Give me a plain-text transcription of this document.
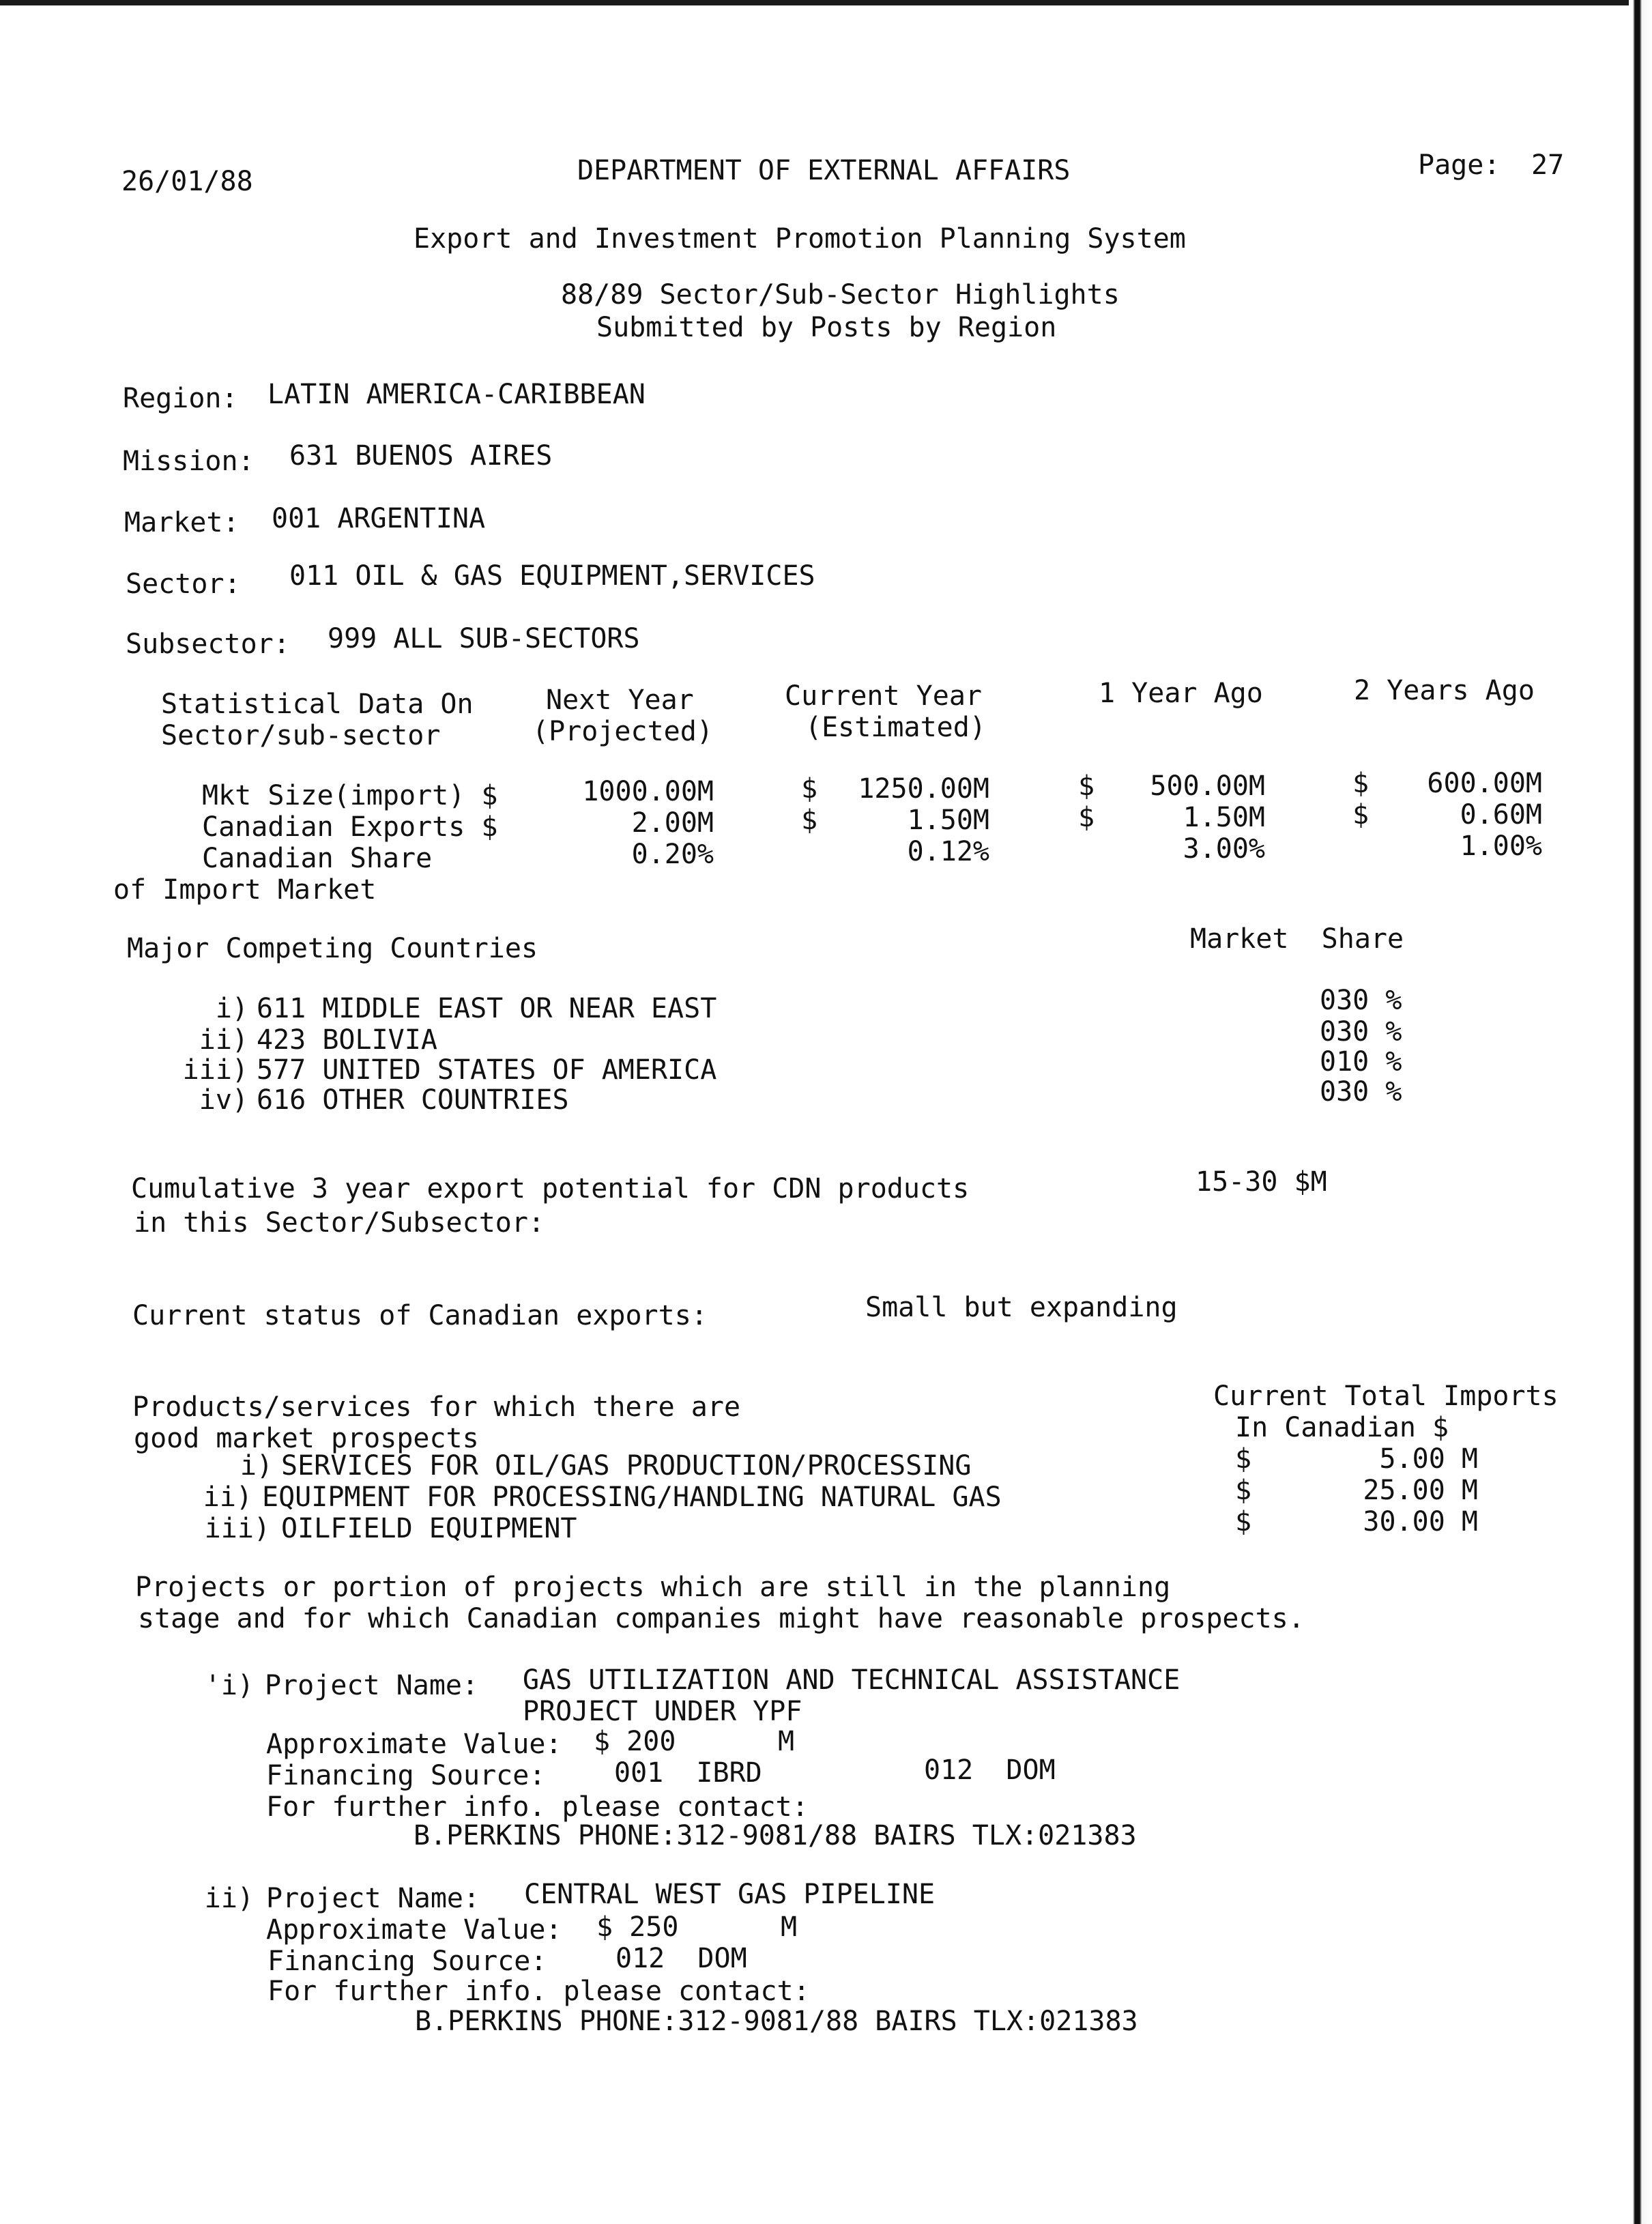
26/01/88	DEPARTMENT OF EXTERNAL AFFAIRS	Page: 27
Export and Investment Promotion Planning System
88/89 Sector/Sub-Sector Highlights
Submitted by Posts by Region
Region: LATIN AMERICA-CARIBBEAN
Mission: 631 BUENOS AIRES
Market: 001 ARGENTINA
Sector: 011 OIL & GAS EQUIPMENT,SERVICES
Subsector: 999 ALL SUB-SECTORS
Statistical Data On
Sector/sub-sector
Next Year
(Projected)
Current Year
(Estimated)
1 Year Ago	2 Years Ago
Mkt Size(import) $	1000.00M	$	1250.00M	$	500.00M	$	600.00M
Canadian Exports $	2.00M	$	1.50M	$	1.50M	$	0.60M
Canadian Share	0.20%	0.12%	3.00%	1.00%
of Import Market
Major Competing Countries	Market  Share
i) 611 MIDDLE EAST OR NEAR EAST	030 %
ii) 423 BOLIVIA	030 %
iii) 577 UNITED STATES OF AMERICA	010 %
iv) 616 OTHER COUNTRIES	030 %
Cumulative 3 year export potential for CDN products
in this Sector/Subsector:
15-30 $M
Current status of Canadian exports:	Small but expanding
Products/services for which there are
good market prospects
Current Total Imports
In Canadian $
i) SERVICES FOR OIL/GAS PRODUCTION/PROCESSING	$	5.00 M
ii) EQUIPMENT FOR PROCESSING/HANDLING NATURAL GAS	$	25.00 M
iii) OILFIELD EQUIPMENT	$	30.00 M
Projects or portion of projects which are still in the planning
stage and for which Canadian companies might have reasonable prospects.
'i) Project Name: GAS UTILIZATION AND TECHNICAL ASSISTANCE
PROJECT UNDER YPF
Approximate Value: $ 200	M
Financing Source:	001  IBRD	012  DOM
For further info. please contact:
B.PERKINS PHONE:312-9081/88 BAIRS TLX:021383
ii) Project Name: CENTRAL WEST GAS PIPELINE
Approximate Value: $ 250	M
Financing Source:	012  DOM
For further info. please contact:
B.PERKINS PHONE:312-9081/88 BAIRS TLX:021383
